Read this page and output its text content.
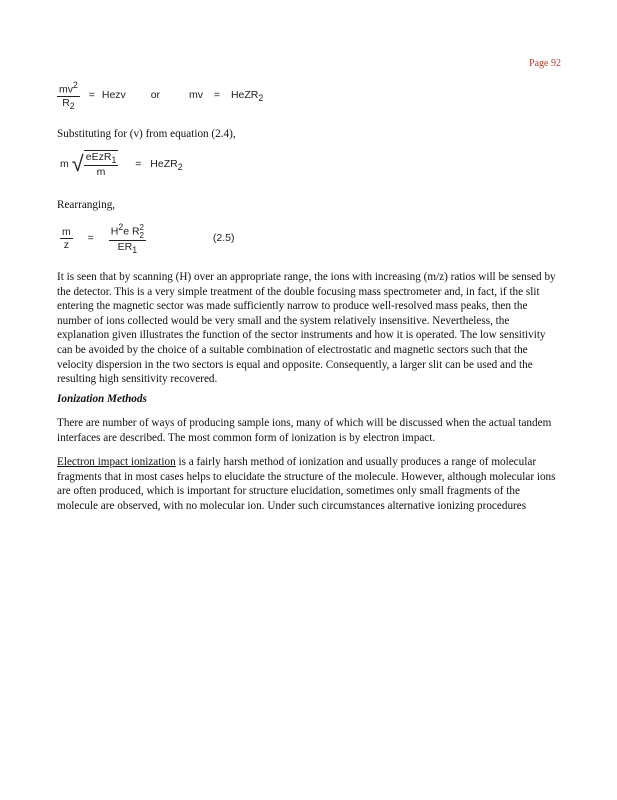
Page 92
$\frac{mv^2}{R_2}$ = Hezv or	mv = HeZR$_2$

Substituting for (v) from equation (2.4),

m √ $\frac{eEzR_1}{m}$ = HeZR$_2$

Rearranging,

$\frac{m}{z} = H^2e$ R 2
2
$ER_1$	(2.5)

It is seen that by scanning (H) over an appropriate range, the ions with increasing (m/z) ratios will be sensed by the detector. This is a very simple treatment of the double focusing mass spectrometer and, in fact, if the slit entering the magnetic sector was made sufficiently narrow to produce well-resolved mass peaks, then the number of ions collected would be very small and the system relatively insensitive. Nevertheless, the explanation given illustrates the function of the sector instruments and how it is operated. The low sensitivity can be avoided by the choice of a suitable combination of electrostatic and magnetic sectors such that the velocity dispersion in the two sectors is equal and opposite. Consequently, a larger slit can be used and the resulting high sensitivity recovered.

Ionization Methods

There are number of ways of producing sample ions, many of which will be discussed when the actual tandem interfaces are described. The most common form of ionization is by electron impact.

Electron impact ionization is a fairly harsh method of ionization and usually produces a range of molecular fragments that in most cases helps to elucidate the structure of the molecule. However, although molecular ions are often produced, which is important for structure elucidation, sometimes only small fragments of the molecule are observed, with no molecular ion. Under such circumstances alternative ionizing procedures
